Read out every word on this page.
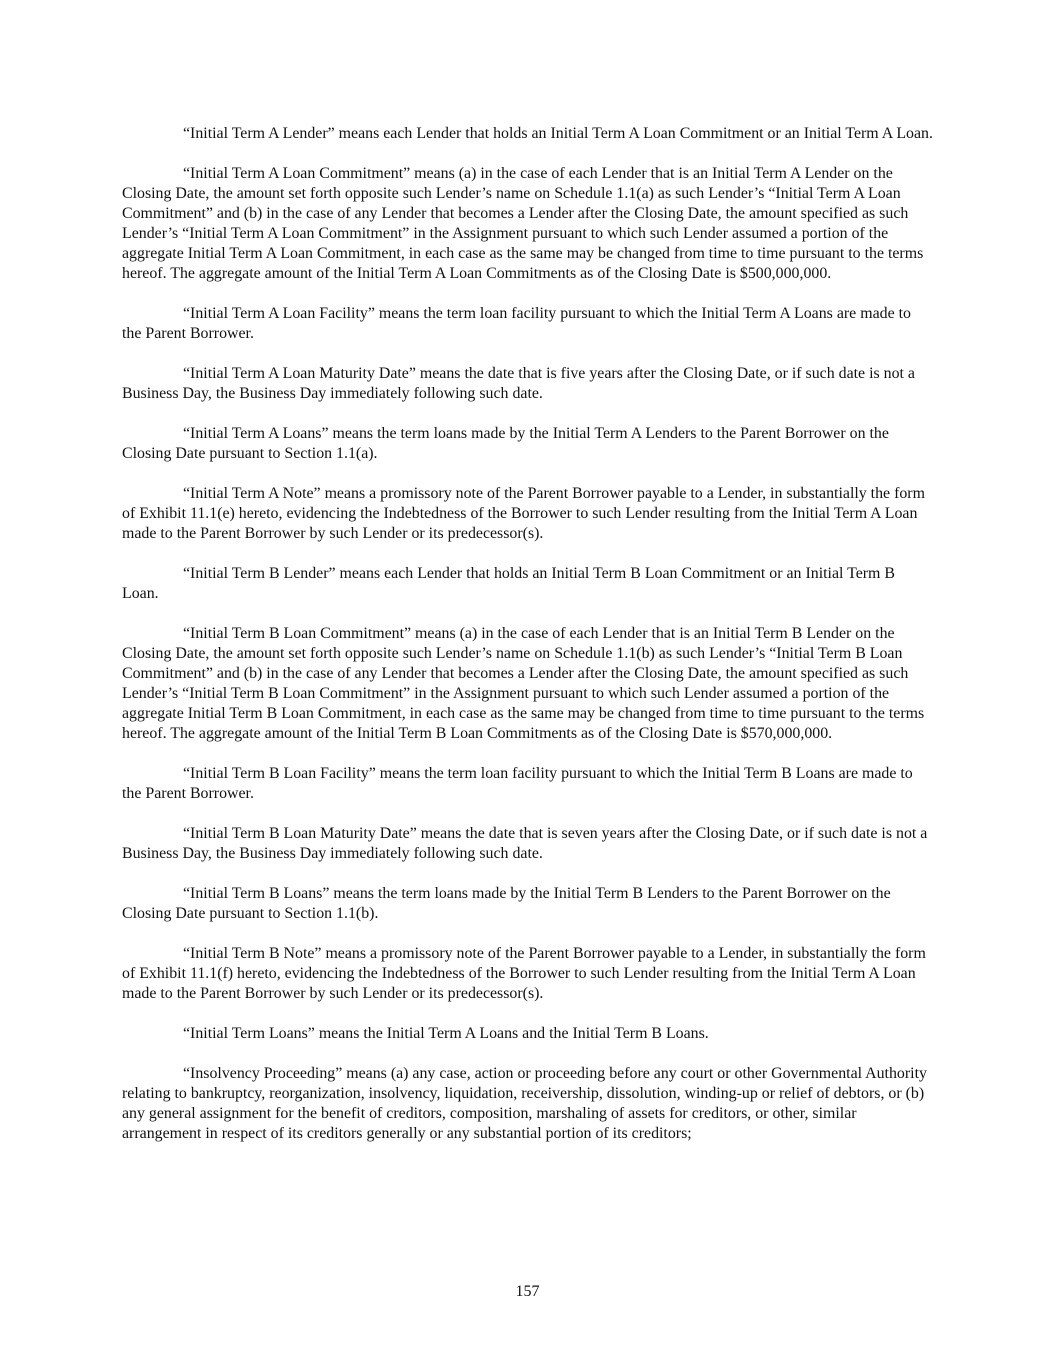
“Initial Term A Lender” means each Lender that holds an Initial Term A Loan Commitment or an Initial Term A Loan.

“Initial Term A Loan Commitment” means (a) in the case of each Lender that is an Initial Term A Lender on the Closing Date, the amount set forth opposite such Lender’s name on Schedule 1.1(a) as such Lender’s “Initial Term A Loan Commitment” and (b) in the case of any Lender that becomes a Lender after the Closing Date, the amount specified as such Lender’s “Initial Term A Loan Commitment” in the Assignment pursuant to which such Lender assumed a portion of the aggregate Initial Term A Loan Commitment, in each case as the same may be changed from time to time pursuant to the terms hereof. The aggregate amount of the Initial Term A Loan Commitments as of the Closing Date is $500,000,000.

“Initial Term A Loan Facility” means the term loan facility pursuant to which the Initial Term A Loans are made to the Parent Borrower.

“Initial Term A Loan Maturity Date” means the date that is five years after the Closing Date, or if such date is not a Business Day, the Business Day immediately following such date.

“Initial Term A Loans” means the term loans made by the Initial Term A Lenders to the Parent Borrower on the Closing Date pursuant to Section 1.1(a).

“Initial Term A Note” means a promissory note of the Parent Borrower payable to a Lender, in substantially the form of Exhibit 11.1(e) hereto, evidencing the Indebtedness of the Borrower to such Lender resulting from the Initial Term A Loan made to the Parent Borrower by such Lender or its predecessor(s).

“Initial Term B Lender” means each Lender that holds an Initial Term B Loan Commitment or an Initial Term B Loan.

“Initial Term B Loan Commitment” means (a) in the case of each Lender that is an Initial Term B Lender on the Closing Date, the amount set forth opposite such Lender’s name on Schedule 1.1(b) as such Lender’s “Initial Term B Loan Commitment” and (b) in the case of any Lender that becomes a Lender after the Closing Date, the amount specified as such Lender’s “Initial Term B Loan Commitment” in the Assignment pursuant to which such Lender assumed a portion of the aggregate Initial Term B Loan Commitment, in each case as the same may be changed from time to time pursuant to the terms hereof. The aggregate amount of the Initial Term B Loan Commitments as of the Closing Date is $570,000,000.

“Initial Term B Loan Facility” means the term loan facility pursuant to which the Initial Term B Loans are made to the Parent Borrower.

“Initial Term B Loan Maturity Date” means the date that is seven years after the Closing Date, or if such date is not a Business Day, the Business Day immediately following such date.

“Initial Term B Loans” means the term loans made by the Initial Term B Lenders to the Parent Borrower on the Closing Date pursuant to Section 1.1(b).

“Initial Term B Note” means a promissory note of the Parent Borrower payable to a Lender, in substantially the form of Exhibit 11.1(f) hereto, evidencing the Indebtedness of the Borrower to such Lender resulting from the Initial Term A Loan made to the Parent Borrower by such Lender or its predecessor(s).

“Initial Term Loans” means the Initial Term A Loans and the Initial Term B Loans.

“Insolvency Proceeding” means (a) any case, action or proceeding before any court or other Governmental Authority relating to bankruptcy, reorganization, insolvency, liquidation, receivership, dissolution, winding-up or relief of debtors, or (b) any general assignment for the benefit of creditors, composition, marshaling of assets for creditors, or other, similar arrangement in respect of its creditors generally or any substantial portion of its creditors;

157
